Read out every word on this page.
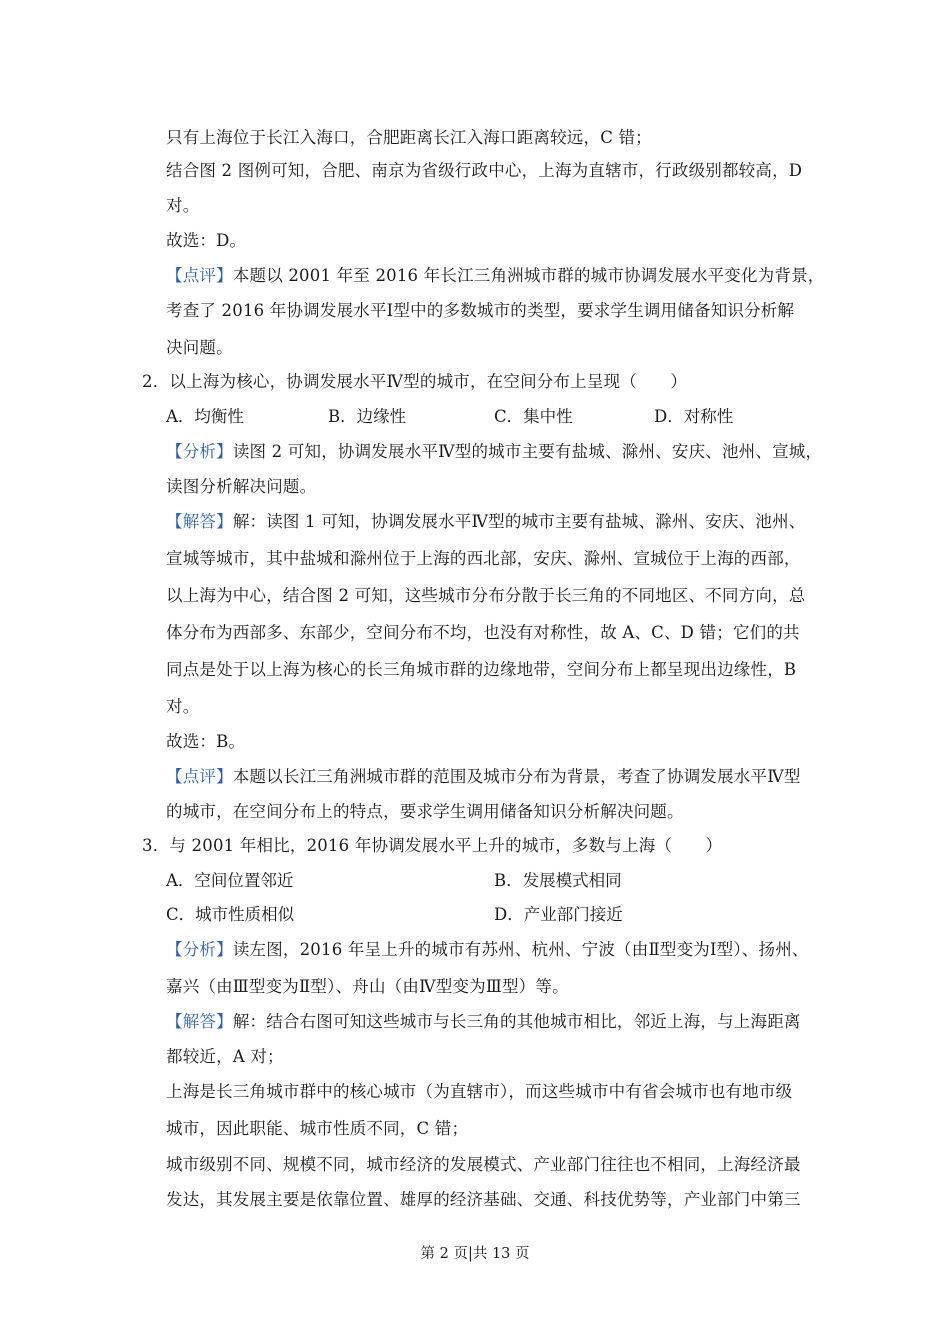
只有上海位于长江入海口，合肥距离长江入海口距离较远，C 错；
结合图 2 图例可知，合肥、南京为省级行政中心，上海为直辖市，行政级别都较高，D
对。
故选：D。
【点评】本题以 2001 年至 2016 年长江三角洲城市群的城市协调发展水平变化为背景，
考查了 2016 年协调发展水平Ⅰ型中的多数城市的类型，要求学生调用储备知识分析解
决问题。
2．以上海为核心，协调发展水平Ⅳ型的城市，在空间分布上呈现（　　）
A．均衡性	B．边缘性	C．集中性	D．对称性
【分析】读图 2 可知，协调发展水平Ⅳ型的城市主要有盐城、滁州、安庆、池州、宣城，
读图分析解决问题。
【解答】解：读图 1 可知，协调发展水平Ⅳ型的城市主要有盐城、滁州、安庆、池州、
宣城等城市，其中盐城和滁州位于上海的西北部，安庆、滁州、宣城位于上海的西部，
以上海为中心，结合图 2 可知，这些城市分布分散于长三角的不同地区、不同方向，总
体分布为西部多、东部少，空间分布不均，也没有对称性，故 A、C、D 错；它们的共
同点是处于以上海为核心的长三角城市群的边缘地带，空间分布上都呈现出边缘性，B
对。
故选：B。
【点评】本题以长江三角洲城市群的范围及城市分布为背景，考查了协调发展水平Ⅳ型
的城市，在空间分布上的特点，要求学生调用储备知识分析解决问题。
3．与 2001 年相比，2016 年协调发展水平上升的城市，多数与上海（　　）
A．空间位置邻近	B．发展模式相同
C．城市性质相似	D．产业部门接近
【分析】读左图，2016 年呈上升的城市有苏州、杭州、宁波（由Ⅱ型变为Ⅰ型）、扬州、
嘉兴（由Ⅲ型变为Ⅱ型）、舟山（由Ⅳ型变为Ⅲ型）等。
【解答】解：结合右图可知这些城市与长三角的其他城市相比，邻近上海，与上海距离
都较近，A 对；
上海是长三角城市群中的核心城市（为直辖市），而这些城市中有省会城市也有地市级
城市，因此职能、城市性质不同，C 错；
城市级别不同、规模不同，城市经济的发展模式、产业部门往往也不相同，上海经济最
发达，其发展主要是依靠位置、雄厚的经济基础、交通、科技优势等，产业部门中第三
第 2 页|共 13 页
